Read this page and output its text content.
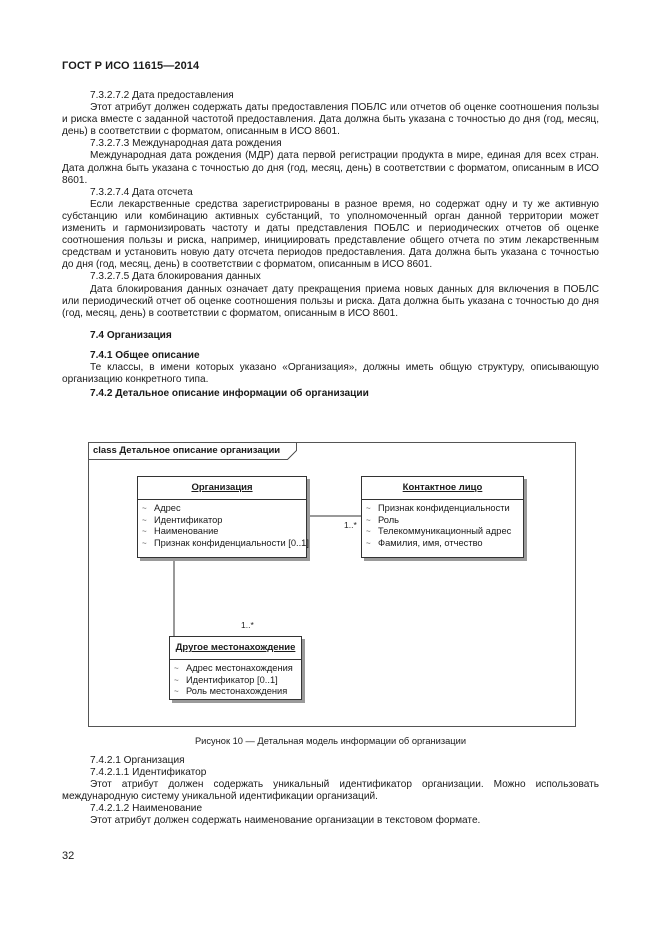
ГОСТ Р ИСО 11615—2014

7.3.2.7.2 Дата предоставления

Этот атрибут должен содержать даты предоставления ПОБЛС или отчетов об оценке соотношения пользы и риска вместе с заданной частотой предоставления. Дата должна быть указана с точностью до дня (год, месяц, день) в соответствии с форматом, описанным в ИСО 8601.

7.3.2.7.3 Международная дата рождения

Международная дата рождения (МДР) дата первой регистрации продукта в мире, единая для всех стран. Дата должна быть указана с точностью до дня (год, месяц, день) в соответствии с форматом, описанным в ИСО 8601.

7.3.2.7.4 Дата отсчета

Если лекарственные средства зарегистрированы в разное время, но содержат одну и ту же активную субстанцию или комбинацию активных субстанций, то уполномоченный орган данной территории может изменить и гармонизировать частоту и даты представления ПОБЛС и периодических отчетов об оценке соотношения пользы и риска, например, инициировать представление общего отчета по этим лекарственным средствам и установить новую дату отсчета периодов предоставления. Дата должна быть указана с точностью до дня (год, месяц, день) в соответствии с форматом, описанным в ИСО 8601.

7.3.2.7.5 Дата блокирования данных

Дата блокирования данных означает дату прекращения приема новых данных для включения в ПОБЛС или периодический отчет об оценке соотношения пользы и риска. Дата должна быть указана с точностью до дня (год, месяц, день) в соответствии с форматом, описанным в ИСО 8601.

7.4 Организация

7.4.1 Общее описание

Те классы, в имени которых указано «Организация», должны иметь общую структуру, описывающую организацию конкретного типа.

7.4.2 Детальное описание информации об организации

class Детальное описание организации
Организация
~ Адрес
~ Идентификатор
~ Наименование
~ Признак конфиденциальности [0..1]
Контактное лицо
~ Признак конфиденциальности
~ Роль
~ Телекоммуникационный адрес
~ Фамилия, имя, отчество
Другое местонахождение
~ Адрес местонахождения
~ Идентификатор [0..1]
~ Роль местонахождения
1..*
1..*
Рисунок 10 — Детальная модель информации об организации

7.4.2.1 Организация

7.4.2.1.1 Идентификатор

Этот атрибут должен содержать уникальный идентификатор организации. Можно использовать международную систему уникальной идентификации организаций.

7.4.2.1.2 Наименование

Этот атрибут должен содержать наименование организации в текстовом формате.

32
